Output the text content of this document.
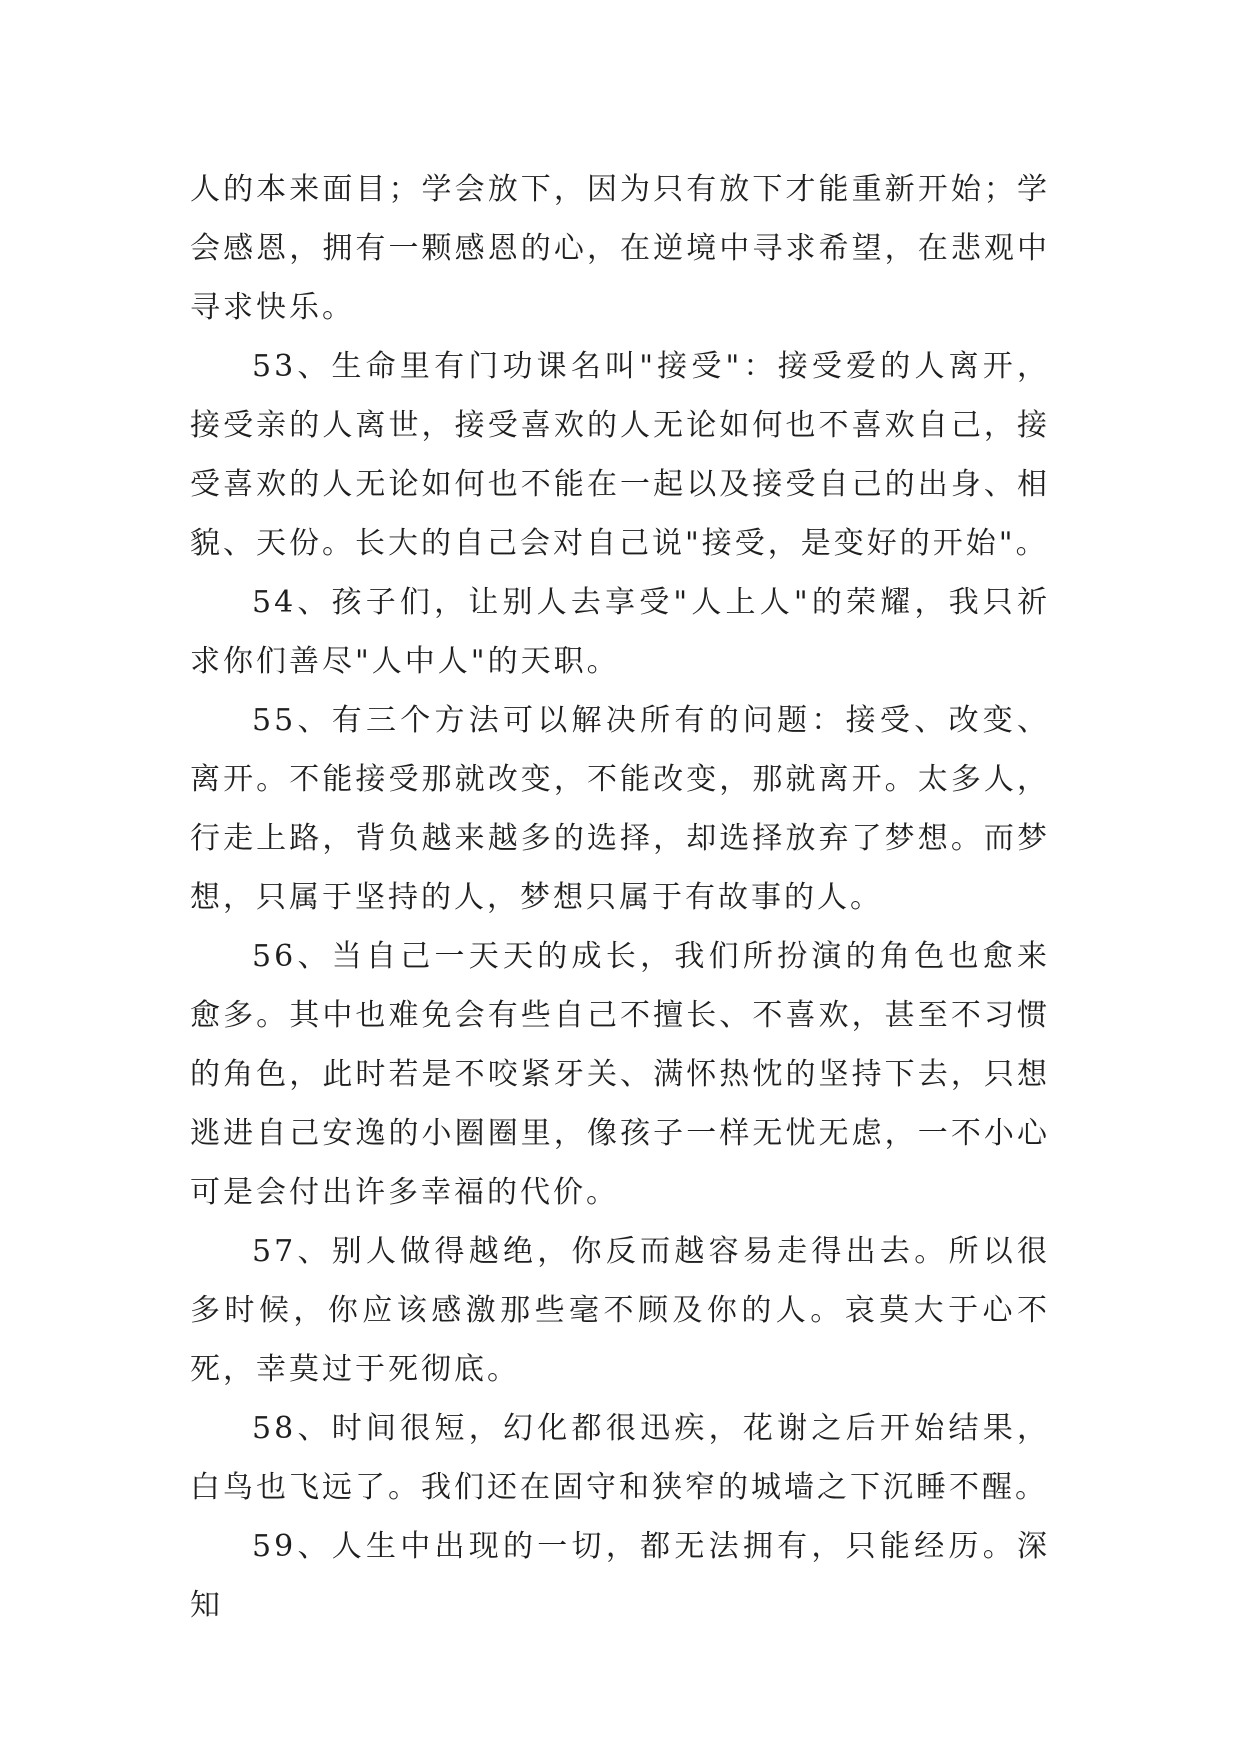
人的本来面目；学会放下，因为只有放下才能重新开始；学会感恩，拥有一颗感恩的心，在逆境中寻求希望，在悲观中寻求快乐。

53、生命里有门功课名叫"接受"：接受爱的人离开，接受亲的人离世，接受喜欢的人无论如何也不喜欢自己，接受喜欢的人无论如何也不能在一起以及接受自己的出身、相貌、天份。长大的自己会对自己说"接受，是变好的开始"。

54、孩子们，让别人去享受"人上人"的荣耀，我只祈求你们善尽"人中人"的天职。

55、有三个方法可以解决所有的问题：接受、改变、离开。不能接受那就改变，不能改变，那就离开。太多人，行走上路，背负越来越多的选择，却选择放弃了梦想。而梦想，只属于坚持的人，梦想只属于有故事的人。

56、当自己一天天的成长，我们所扮演的角色也愈来愈多。其中也难免会有些自己不擅长、不喜欢，甚至不习惯的角色，此时若是不咬紧牙关、满怀热忱的坚持下去，只想逃进自己安逸的小圈圈里，像孩子一样无忧无虑，一不小心可是会付出许多幸福的代价。

57、别人做得越绝，你反而越容易走得出去。所以很多时候，你应该感激那些毫不顾及你的人。哀莫大于心不死，幸莫过于死彻底。

58、时间很短，幻化都很迅疾，花谢之后开始结果，白鸟也飞远了。我们还在固守和狭窄的城墙之下沉睡不醒。

59、人生中出现的一切，都无法拥有，只能经历。深知
